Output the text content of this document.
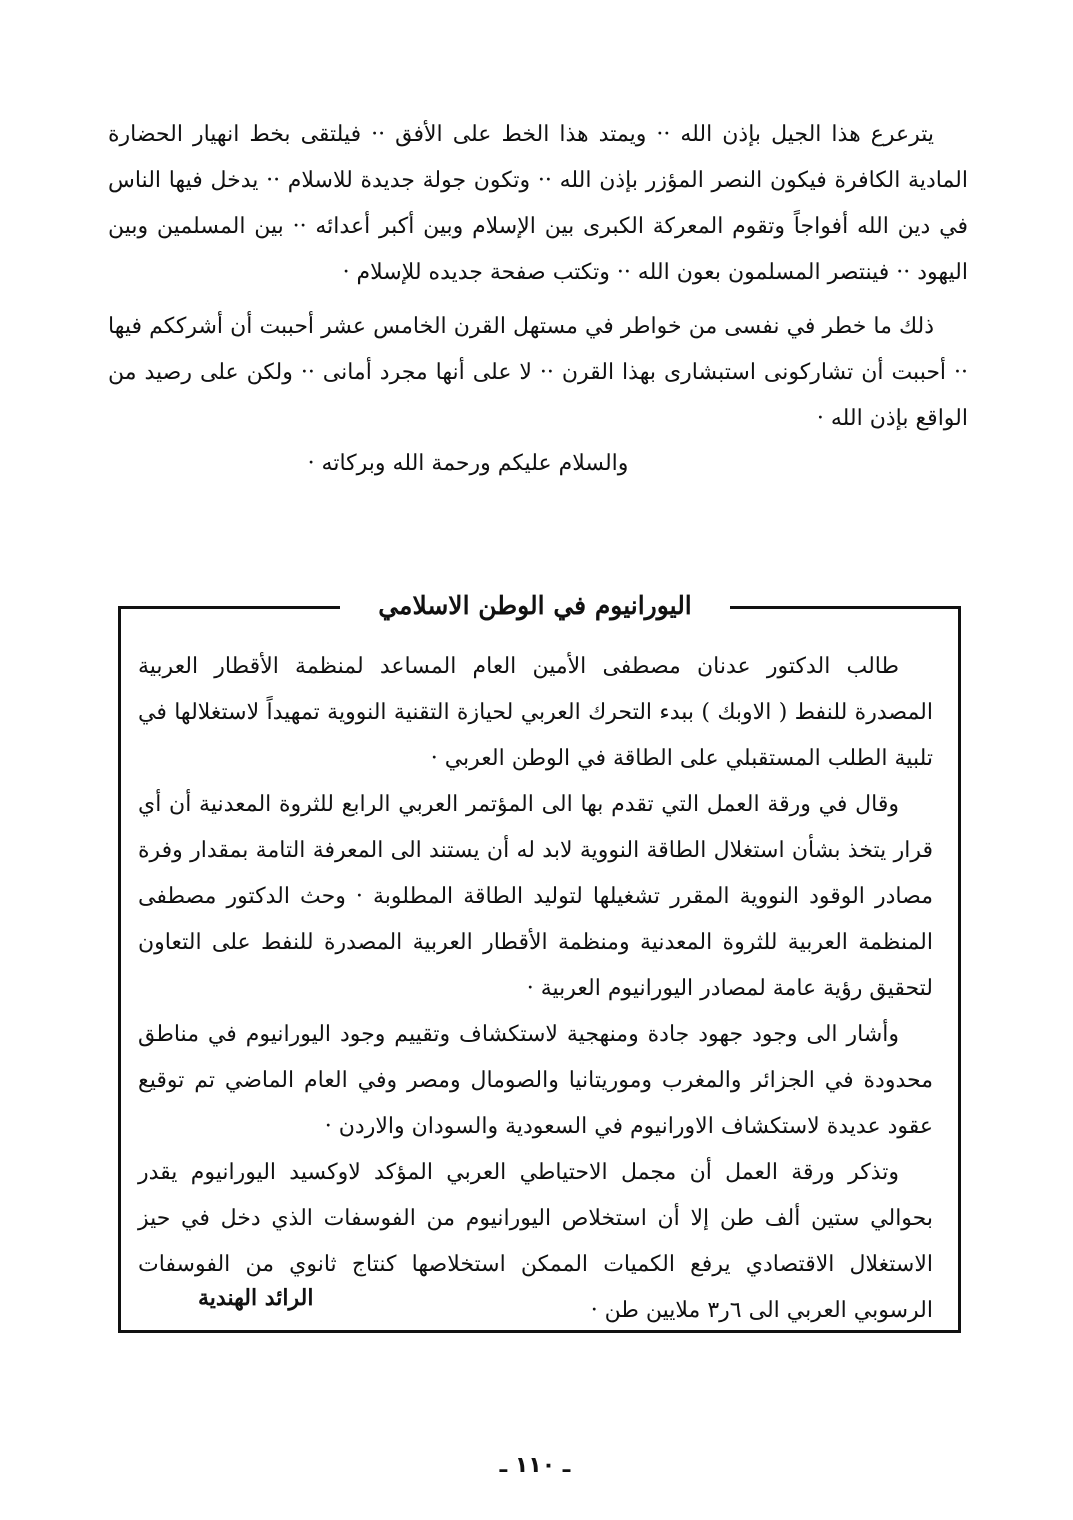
يترعرع هذا الجيل بإذن الله ·· ويمتد هذا الخط على الأفق ·· فيلتقى بخط انهيار الحضارة المادية الكافرة فيكون النصر المؤزر بإذن الله ·· وتكون جولة جديدة للاسلام ·· يدخل فيها الناس في دين الله أفواجاً وتقوم المعركة الكبرى بين الإسلام وبين أكبر أعدائه ·· بين المسلمين وبين اليهود ·· فينتصر المسلمون بعون الله ·· وتكتب صفحة جديده للإسلام ·

ذلك ما خطر في نفسى من خواطر في مستهل القرن الخامس عشر أحببت أن أشرككم فيها ·· أحببت أن تشاركونى استبشارى بهذا القرن ·· لا على أنها مجرد أمانى ·· ولكن على رصيد من الواقع بإذن الله ·

والسلام عليكم ورحمة الله وبركاته ·
اليورانيوم في الوطن الاسلامي

طالب الدكتور عدنان مصطفى الأمين العام المساعد لمنظمة الأقطار العربية المصدرة للنفط ( الاوبك ) ببدء التحرك العربي لحيازة التقنية النووية تمهيداً لاستغلالها في تلبية الطلب المستقبلي على الطاقة في الوطن العربي ·

وقال في ورقة العمل التي تقدم بها الى المؤتمر العربي الرابع للثروة المعدنية أن أي قرار يتخذ بشأن استغلال الطاقة النووية لابد له أن يستند الى المعرفة التامة بمقدار وفرة مصادر الوقود النووية المقرر تشغيلها لتوليد الطاقة المطلوبة · وحث الدكتور مصطفى المنظمة العربية للثروة المعدنية ومنظمة الأقطار العربية المصدرة للنفط على التعاون لتحقيق رؤية عامة لمصادر اليورانيوم العربية ·

وأشار الى وجود جهود جادة ومنهجية لاستكشاف وتقييم وجود اليورانيوم في مناطق محدودة في الجزائر والمغرب وموريتانيا والصومال ومصر وفي العام الماضي تم توقيع عقود عديدة لاستكشاف الاورانيوم في السعودية والسودان والاردن ·

وتذكر ورقة العمل أن مجمل الاحتياطي العربي المؤكد لاوكسيد اليورانيوم يقدر بحوالي ستين ألف طن إلا أن استخلاص اليورانيوم من الفوسفات الذي دخل في حيز الاستغلال الاقتصادي يرفع الكميات الممكن استخلاصها كنتاج ثانوي من الفوسفات الرسوبي العربي الى ٦ر٣ ملايين طن ·

الرائد الهندية
ـ ١١٠ ـ
